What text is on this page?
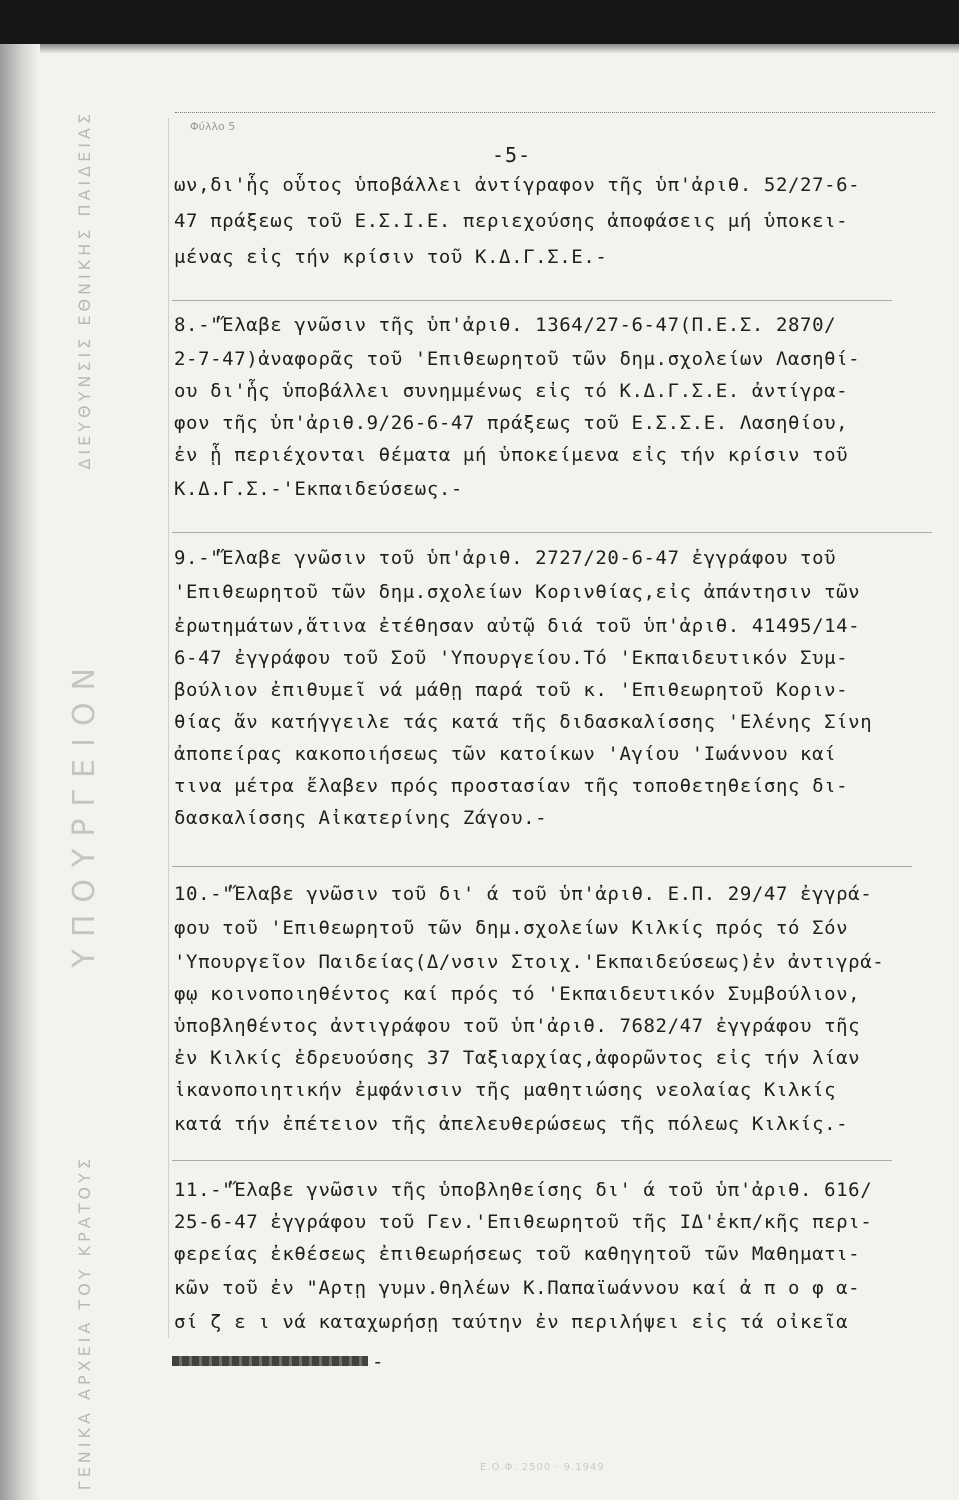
ΔΙΕΥΘΥΝΣΙΣ ΕΘΝΙΚΗΣ ΠΑΙΔΕΙΑΣ
ΥΠΟΥΡΓΕΙΟΝ
ΓΕΝΙΚΑ ΑΡΧΕΙΑ ΤΟΥ ΚΡΑΤΟΥΣ
Φύλλο 5
-5-
ων,δι'ἧς οὗτος ὑποβάλλει ἀντίγραφον τῆς ὑπ'ἀριθ. 52/27-6-
47 πράξεως τοῦ Ε.Σ.Ι.Ε. περιεχούσης ἀποφάσεις μή ὑποκει-
μένας εἰς τήν κρίσιν τοῦ Κ.Δ.Γ.Σ.Ε.-
8.-"Ἔλαβε γνῶσιν τῆς ὑπ'ἀριθ. 1364/27-6-47(Π.Ε.Σ. 2870/
2-7-47)ἀναφορᾶς τοῦ 'Επιθεωρητοῦ τῶν δημ.σχολείων Λασηθί-
ου δι'ἧς ὑποβάλλει συνημμένως εἰς τό Κ.Δ.Γ.Σ.Ε. ἀντίγρα-
φον τῆς ὑπ'ἀριθ.9/26-6-47 πράξεως τοῦ Ε.Σ.Σ.Ε. Λασηθίου,
ἐν ᾗ περιέχονται θέματα μή ὑποκείμενα εἰς τήν κρίσιν τοῦ
Κ.Δ.Γ.Σ.-'Εκπαιδεύσεως.-
9.-"Ἔλαβε γνῶσιν τοῦ ὑπ'ἀριθ. 2727/20-6-47 ἐγγράφου τοῦ
'Επιθεωρητοῦ τῶν δημ.σχολείων Κορινθίας,εἰς ἀπάντησιν τῶν
ἐρωτημάτων,ἅτινα ἐτέθησαν αὐτῷ διά τοῦ ὑπ'ἀριθ. 41495/14-
6-47 ἐγγράφου τοῦ Σοῦ 'Υπουργείου.Τό 'Εκπαιδευτικόν Συμ-
βούλιον ἐπιθυμεῖ νά μάθῃ παρά τοῦ κ. 'Επιθεωρητοῦ Κοριν-
θίας ἄν κατήγγειλε τάς κατά τῆς διδασκαλίσσης 'Ελένης Σίνη
ἀποπείρας κακοποιήσεως τῶν κατοίκων 'Αγίου 'Ιωάννου καί
τινα μέτρα ἔλαβεν πρός προστασίαν τῆς τοποθετηθείσης δι-
δασκαλίσσης Αἰκατερίνης Ζάγου.-
10.-"Ἔλαβε γνῶσιν τοῦ δι' ά τοῦ ὑπ'ἀριθ. Ε.Π. 29/47 ἐγγρά-
φου τοῦ 'Επιθεωρητοῦ τῶν δημ.σχολείων Κιλκίς πρός τό Σόν
'Υπουργεῖον Παιδείας(Δ/νσιν Στοιχ.'Εκπαιδεύσεως)ἐν ἀντιγρά-
φῳ κοινοποιηθέντος καί πρός τό 'Εκπαιδευτικόν Συμβούλιον,
ὑποβληθέντος ἀντιγράφου τοῦ ὑπ'ἀριθ. 7682/47 ἐγγράφου τῆς
ἐν Κιλκίς ἑδρευούσης 37 Ταξιαρχίας,ἀφορῶντος εἰς τήν λίαν
ἱκανοποιητικήν ἐμφάνισιν τῆς μαθητιώσης νεολαίας Κιλκίς
κατά τήν ἐπέτειον τῆς ἀπελευθερώσεως τῆς πόλεως Κιλκίς.-
11.-"Ἔλαβε γνῶσιν τῆς ὑποβληθείσης δι' ά τοῦ ὑπ'ἀριθ. 616/
25-6-47 ἐγγράφου τοῦ Γεν.'Επιθεωρητοῦ τῆς ΙΔ'ἐκπ/κῆς περι-
φερείας ἐκθέσεως ἐπιθεωρήσεως τοῦ καθηγητοῦ τῶν Μαθηματι-
κῶν τοῦ ἐν "Αρτῃ γυμν.θηλέων Κ.Παπαϊωάννου καί ἀ π ο φ α-
σί ζ ε ι νά καταχωρήσῃ ταύτην ἐν περιλήψει εἰς τά οἰκεῖα
-
Ε.Ο.Φ. 2500 · 9.1949
